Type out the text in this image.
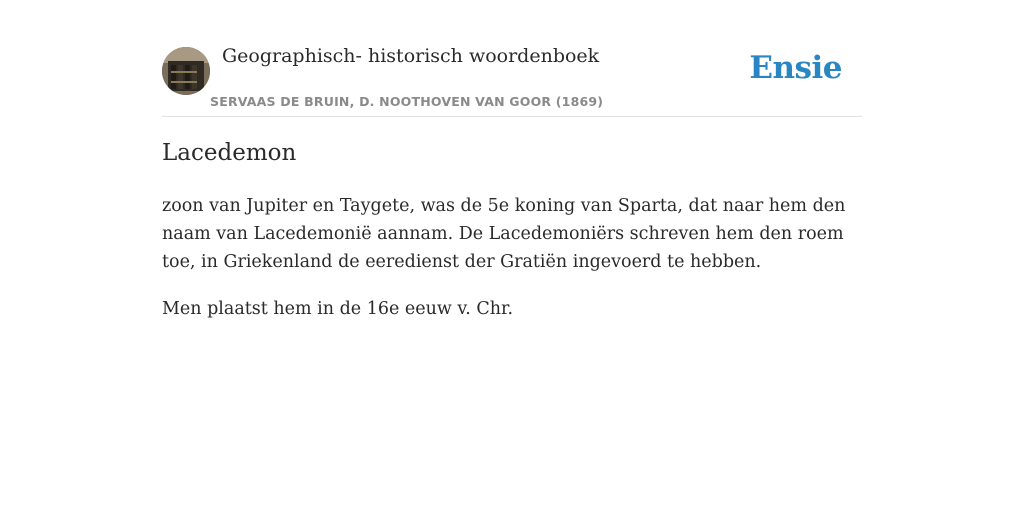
Geographisch- historisch woordenboek
SERVAAS DE BRUIN, D. NOOTHOVEN VAN GOOR (1869)
Ensie
Lacedemon

zoon van Jupiter en Taygete, was de 5e koning van Sparta, dat naar hem den naam van Lacedemonië aannam. De Lacedemoniërs schreven hem den roem toe, in Griekenland de eeredienst der Gratiën ingevoerd te hebben.

Men plaatst hem in de 16e eeuw v. Chr.
